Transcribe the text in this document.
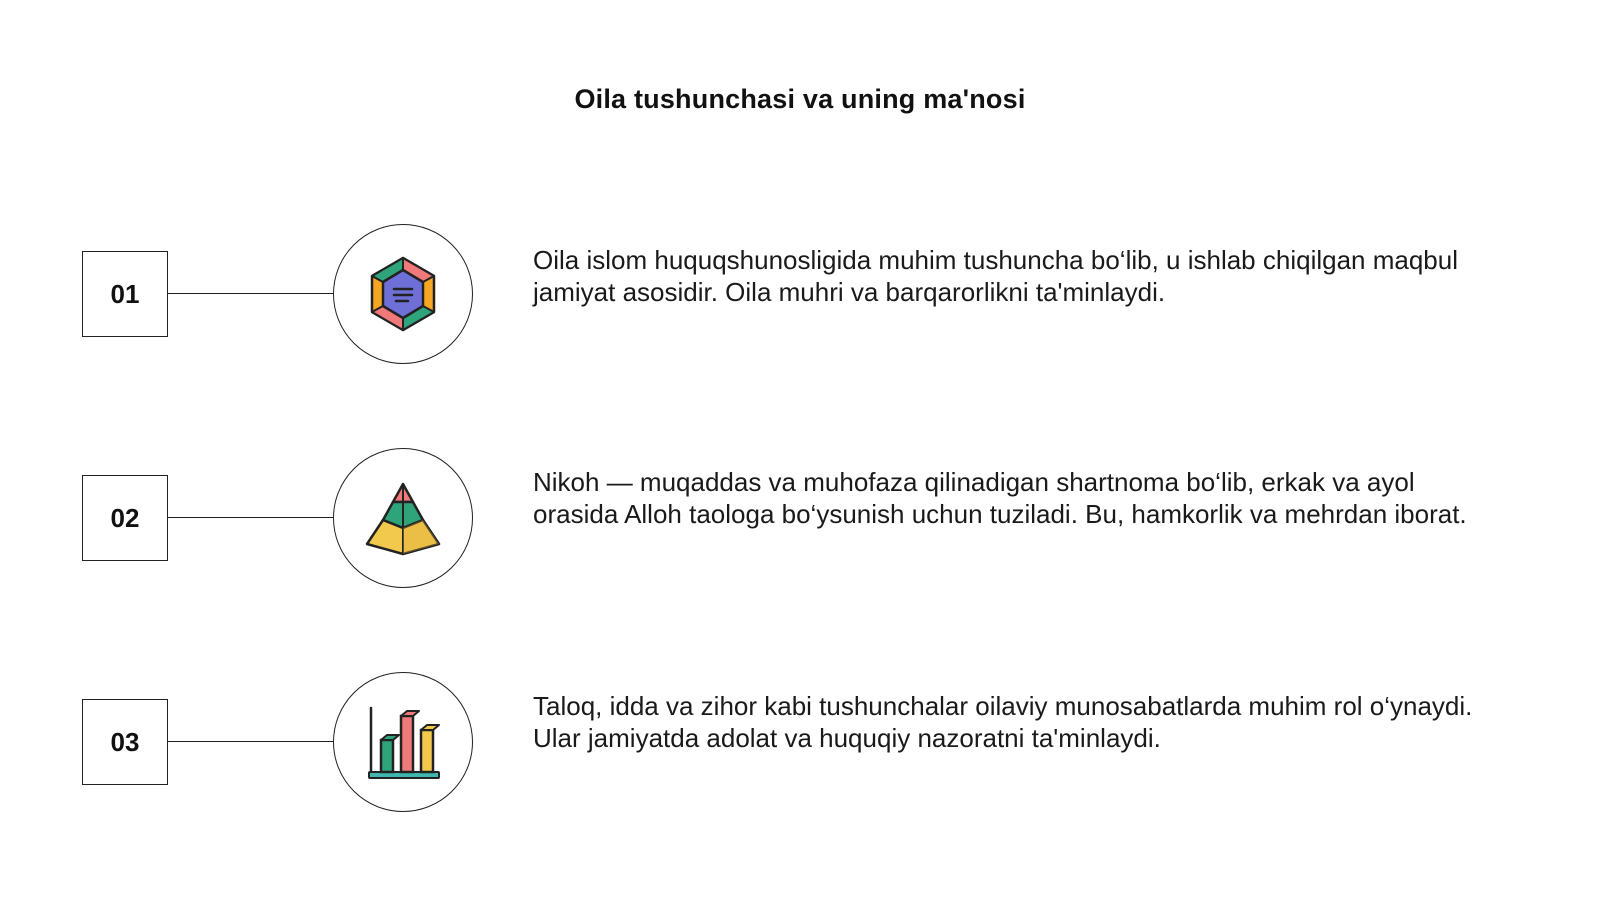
Oila tushunchasi va uning ma'nosi
01
Oila islom huquqshunosligida muhim tushuncha bo‘lib, u ishlab chiqilgan maqbul jamiyat asosidir. Oila muhri va barqarorlikni ta'minlaydi.
02
Nikoh — muqaddas va muhofaza qilinadigan shartnoma bo‘lib, erkak va ayol orasida Alloh taologa bo‘ysunish uchun tuziladi. Bu, hamkorlik va mehrdan iborat.
03
Taloq, idda va zihor kabi tushunchalar oilaviy munosabatlarda muhim rol o‘ynaydi. Ular jamiyatda adolat va huquqiy nazoratni ta'minlaydi.
